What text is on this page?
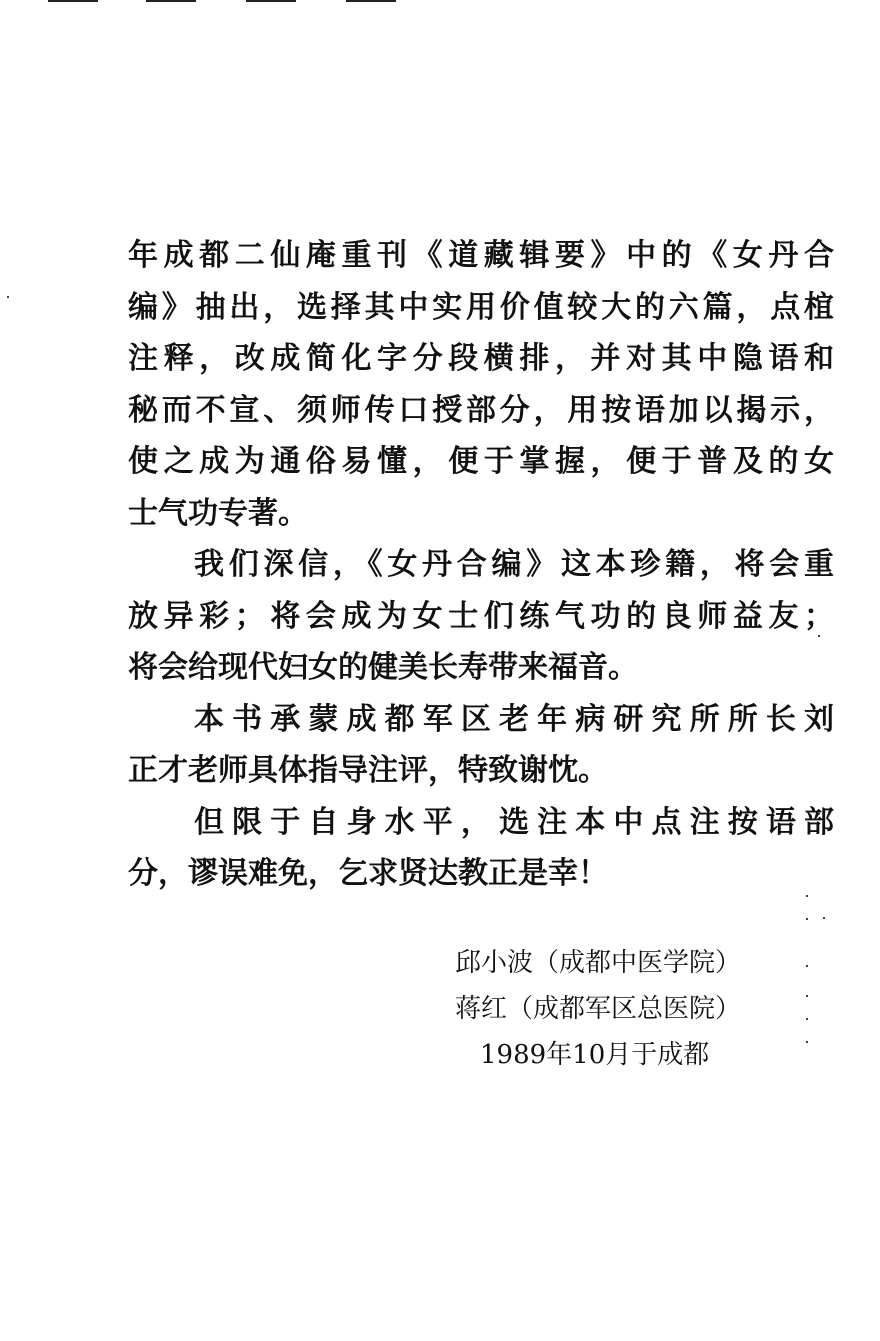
年成都二仙庵重刊《道藏辑要》中的《女丹合
编》抽出，选择其中实用价值较大的六篇，点椬
注释，改成简化字分段横排，并对其中隐语和
秘而不宣、须师传口授部分，用按语加以揭示，
使之成为通俗易懂，便于掌握，便于普及的女
士气功专著。
我们深信，《女丹合编》这本珍籍，将会重
放异彩；将会成为女士们练气功的良师益友；
将会给现代妇女的健美长寿带来福音。
本书承蒙成都军区老年病研究所所长刘
正才老师具体指导注评，特致谢忱。
但限于自身水平，选注本中点注按语部
分，谬误难免，乞求贤达教正是幸！
邱小波（成都中医学院）
蒋红（成都军区总医院）
1989年10月于成都
